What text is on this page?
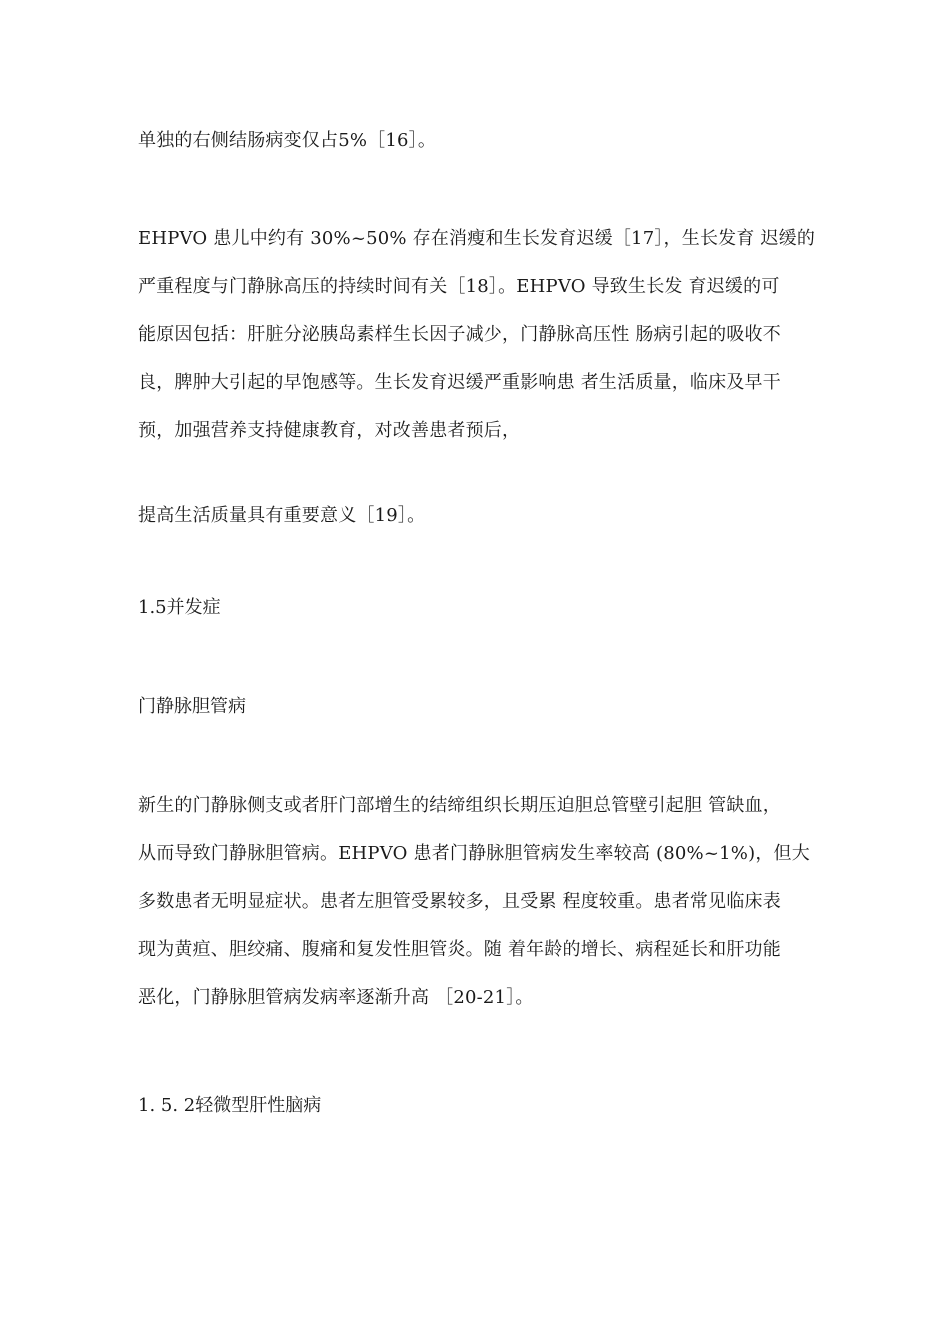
单独的右侧结肠病变仅占5%［16］。
EHPVO 患儿中约有 30%~50% 存在消瘦和生长发育迟缓［17］，生长发育 迟缓的
严重程度与门静脉高压的持续时间有关［18］。EHPVO 导致生长发 育迟缓的可
能原因包括：肝脏分泌胰岛素样生长因子减少，门静脉高压性 肠病引起的吸收不
良，脾肿大引起的早饱感等。生长发育迟缓严重影响患 者生活质量，临床及早干
预，加强营养支持健康教育，对改善患者预后，
提高生活质量具有重要意义［19］。
1.5并发症
门静脉胆管病
新生的门静脉侧支或者肝门部增生的结缔组织长期压迫胆总管壁引起胆 管缺血，
从而导致门静脉胆管病。EHPVO 患者门静脉胆管病发生率较高 (80%~1%)，但大
多数患者无明显症状。患者左胆管受累较多，且受累 程度较重。患者常见临床表
现为黄疸、胆绞痛、腹痛和复发性胆管炎。随 着年龄的增长、病程延长和肝功能
恶化，门静脉胆管病发病率逐渐升高 ［20-21］。
1. 5. 2轻微型肝性脑病
